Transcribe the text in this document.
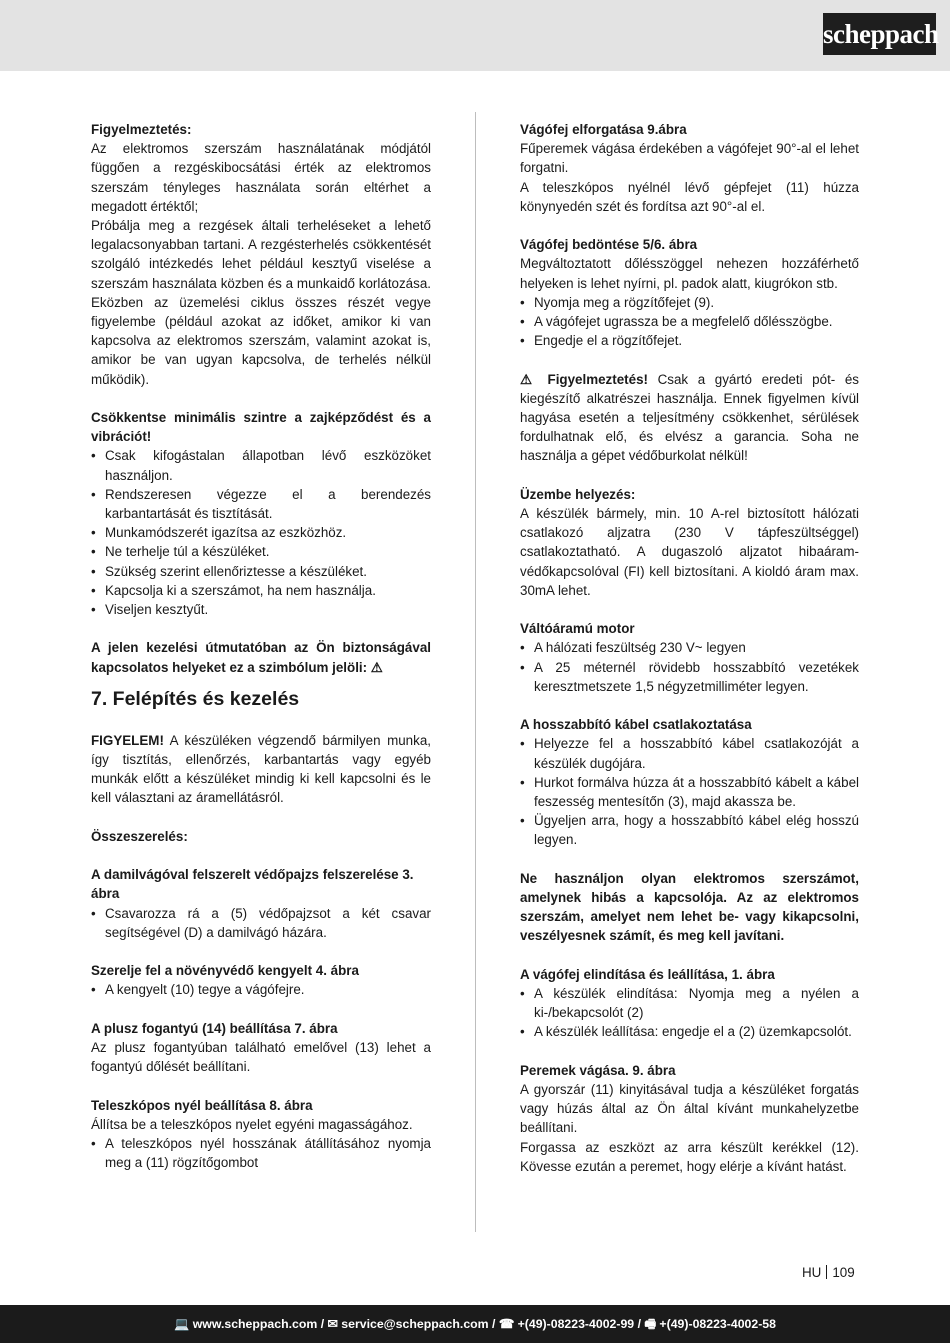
scheppach

Figyelmeztetés:

Az elektromos szerszám használatának módjától függően a rezgéskibocsátási érték az elektromos szerszám tényleges használata során eltérhet a megadott értéktől;

Próbálja meg a rezgések általi terheléseket a lehető legalacsonyabban tartani. A rezgésterhelés csökkentését szolgáló intézkedés lehet például kesztyű viselése a szerszám használata közben és a munkaidő korlátozása. Eközben az üzemelési ciklus összes részét vegye figyelembe (például azokat az időket, amikor ki van kapcsolva az elektromos szerszám, valamint azokat is, amikor be van ugyan kapcsolva, de terhelés nélkül működik).

Csökkentse minimális szintre a zajképződést és a vibrációt!

• Csak kifogástalan állapotban lévő eszközöket használjon.
• Rendszeresen végezze el a berendezés karbantartását és tisztítását.
• Munkamódszerét igazítsa az eszközhöz.
• Ne terhelje túl a készüléket.
• Szükség szerint ellenőriztesse a készüléket.
• Kapcsolja ki a szerszámot, ha nem használja.
• Viseljen kesztyűt.

A jelen kezelési útmutatóban az Ön biztonságával kapcsolatos helyeket ez a szimbólum jelöli: ⚠

7. Felépítés és kezelés

FIGYELEM! A készüléken végzendő bármilyen munka, így tisztítás, ellenőrzés, karbantartás vagy egyéb munkák előtt a készüléket mindig ki kell kapcsolni és le kell választani az áramellátásról.

Összeszerelés:

A damilvágóval felszerelt védőpajzs felszerelése 3. ábra

• Csavarozza rá a (5) védőpajzsot a két csavar segítségével (D) a damilvágó házára.

Szerelje fel a növényvédő kengyelt 4. ábra

• A kengyelt (10) tegye a vágófejre.

A plusz fogantyú (14) beállítása 7. ábra

Az plusz fogantyúban található emelővel (13) lehet a fogantyú dőlését beállítani.

Teleszkópos nyél beállítása 8. ábra

Állítsa be a teleszkópos nyelet egyéni magasságához.

• A teleszkópos nyél hosszának átállításához nyomja meg a (11) rögzítőgombot

Vágófej elforgatása 9.ábra

Fűperemek vágása érdekében a vágófejet 90°-al el lehet forgatni.

A teleszkópos nyélnél lévő gépfejet (11) húzza könynyedén szét és fordítsa azt 90°-al el.

Vágófej bedöntése 5/6. ábra

Megváltoztatott dőlésszöggel nehezen hozzáférhető helyeken is lehet nyírni, pl. padok alatt, kiugrókon stb.

• Nyomja meg a rögzítőfejet (9).
• A vágófejet ugrassza be a megfelelő dőlésszögbe.
• Engedje el a rögzítőfejet.

⚠ Figyelmeztetés! Csak a gyártó eredeti pót- és kiegészítő alkatrészei használja. Ennek figyelmen kívül hagyása esetén a teljesítmény csökkenhet, sérülések fordulhatnak elő, és elvész a garancia. Soha ne használja a gépet védőburkolat nélkül!

Üzembe helyezés:

A készülék bármely, min. 10 A-rel biztosított hálózati csatlakozó aljzatra (230 V tápfeszültséggel) csatlakoztatható. A dugaszoló aljzatot hibaáram-védőkapcsolóval (FI) kell biztosítani. A kioldó áram max. 30mA lehet.

Váltóáramú motor

• A hálózati feszültség 230 V~ legyen
• A 25 méternél rövidebb hosszabbító vezetékek keresztmetszete 1,5 négyzetmilliméter legyen.

A hosszabbító kábel csatlakoztatása

• Helyezze fel a hosszabbító kábel csatlakozóját a készülék dugójára.
• Hurkot formálva húzza át a hosszabbító kábelt a kábel feszesség mentesítőn (3), majd akassza be.
• Ügyeljen arra, hogy a hosszabbító kábel elég hosszú legyen.

Ne használjon olyan elektromos szerszámot, amelynek hibás a kapcsolója. Az az elektromos szerszám, amelyet nem lehet be- vagy kikapcsolni, veszélyesnek számít, és meg kell javítani.

A vágófej elindítása és leállítása, 1. ábra

• A készülék elindítása: Nyomja meg a nyélen a ki-/bekapcsolót (2)
• A készülék leállítása: engedje el a (2) üzemkapcsolót.

Peremek vágása. 9. ábra

A gyorszár (11) kinyitásával tudja a készüléket forgatás vagy húzás által az Ön által kívánt munkahelyzetbe beállítani.

Forgassa az eszközt az arra készült kerékkel (12). Kövesse ezután a peremet, hogy elérje a kívánt hatást.

HU 109
💻 www.scheppach.com / ✉ service@scheppach.com / ☎ +(49)-08223-4002-99 / 🖷 +(49)-08223-4002-58
